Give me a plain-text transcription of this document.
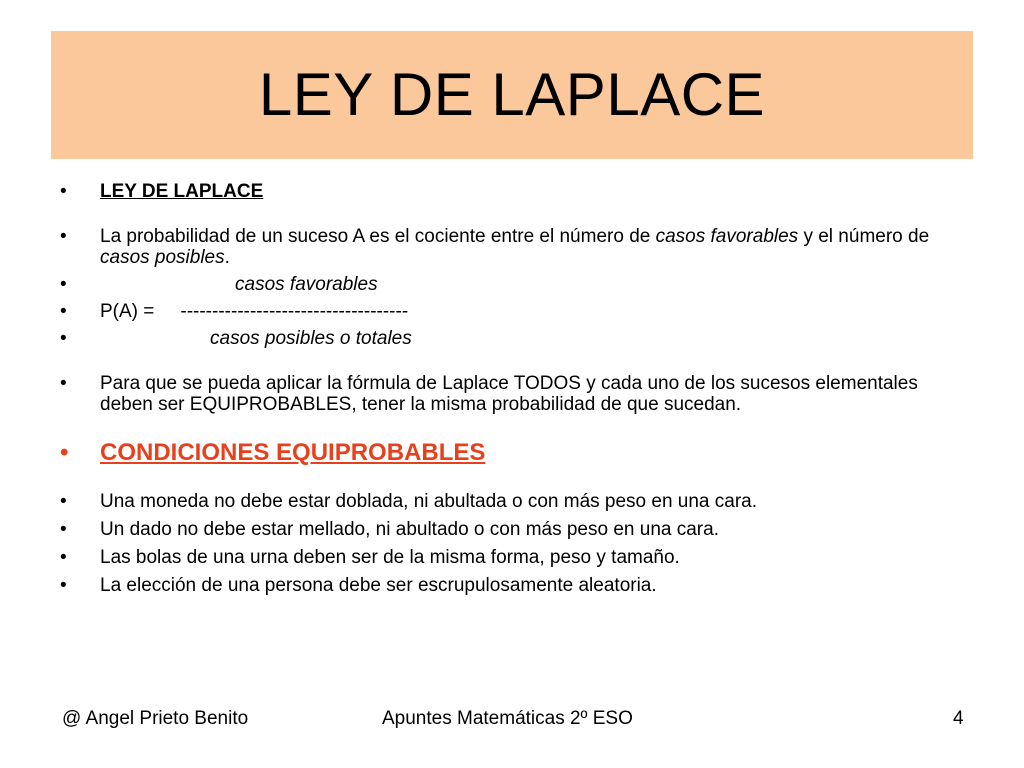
LEY DE LAPLACE
•	LEY DE LAPLACE
•	La probabilidad de un suceso A es el cociente entre el número de casos favorables y el número de casos posibles.
•	casos favorables
•	P(A) = ------------------------------------
•	casos posibles o totales
•	Para que se pueda aplicar la fórmula de Laplace TODOS y cada uno de los sucesos elementales deben ser EQUIPROBABLES, tener la misma probabilidad de que sucedan.
•	CONDICIONES EQUIPROBABLES
•	Una moneda no debe estar doblada, ni abultada o con más peso en una cara.
•	Un dado no debe estar mellado, ni abultado o con más peso en una cara.
•	Las bolas de una urna deben ser de la misma forma, peso y tamaño.
•	La elección de una persona debe ser escrupulosamente aleatoria.
@ Angel Prieto Benito	Apuntes Matemáticas 2º ESO	4
